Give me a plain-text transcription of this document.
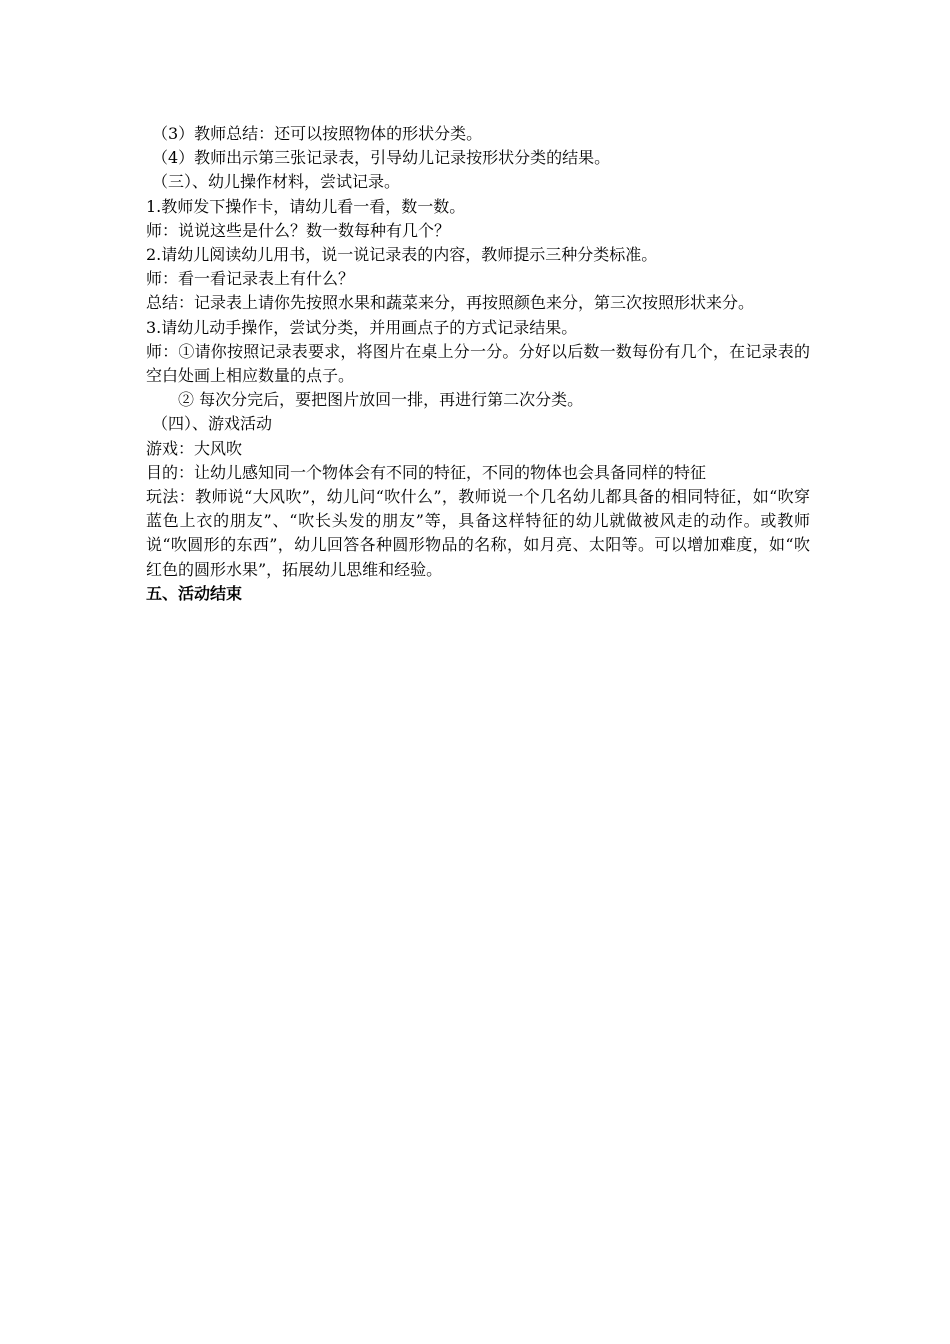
（3）教师总结：还可以按照物体的形状分类。

（4）教师出示第三张记录表，引导幼儿记录按形状分类的结果。

（三）、幼儿操作材料，尝试记录。

1.教师发下操作卡，请幼儿看一看，数一数。

师：说说这些是什么？数一数每种有几个？

2.请幼儿阅读幼儿用书，说一说记录表的内容，教师提示三种分类标准。

师：看一看记录表上有什么？

总结：记录表上请你先按照水果和蔬菜来分，再按照颜色来分，第三次按照形状来分。

3.请幼儿动手操作，尝试分类，并用画点子的方式记录结果。

师：①请你按照记录表要求，将图片在桌上分一分。分好以后数一数每份有几个，在记录表的空白处画上相应数量的点子。

② 每次分完后，要把图片放回一排，再进行第二次分类。

（四）、游戏活动

游戏：大风吹

目的：让幼儿感知同一个物体会有不同的特征，不同的物体也会具备同样的特征

玩法：教师说“大风吹”，幼儿问“吹什么”，教师说一个几名幼儿都具备的相同特征，如“吹穿蓝色上衣的朋友”、“吹长头发的朋友”等，具备这样特征的幼儿就做被风走的动作。或教师说“吹圆形的东西”，幼儿回答各种圆形物品的名称，如月亮、太阳等。可以增加难度，如“吹红色的圆形水果”，拓展幼儿思维和经验。

五、活动结束
